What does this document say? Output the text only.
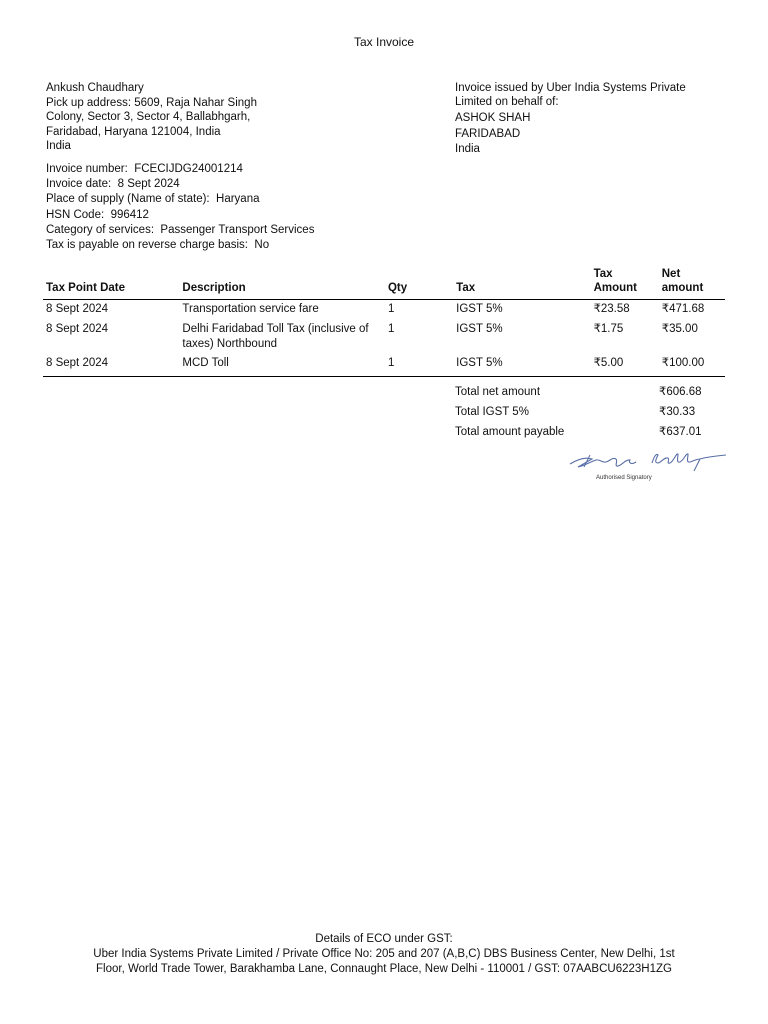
Tax Invoice
Ankush Chaudhary
Pick up address: 5609, Raja Nahar Singh
Colony, Sector 3, Sector 4, Ballabhgarh,
Faridabad, Haryana 121004, India
India
Invoice issued by Uber India Systems Private
Limited on behalf of:
ASHOK SHAH
FARIDABAD
India
Invoice number: FCECIJDG24001214
Invoice date: 8 Sept 2024
Place of supply (Name of state): Haryana
HSN Code: 996412
Category of services: Passenger Transport Services
Tax is payable on reverse charge basis: No
Tax Point Date	Description	Qty	Tax	Tax Amount	Net amount
8 Sept 2024	Transportation service fare	1	IGST 5%	₹23.58	₹471.68
8 Sept 2024	Delhi Faridabad Toll Tax (inclusive of taxes) Northbound	1	IGST 5%	₹1.75	₹35.00
8 Sept 2024	MCD Toll	1	IGST 5%	₹5.00	₹100.00
Total net amount	₹606.68
Total IGST 5%	₹30.33
Total amount payable	₹637.01
Authorised Signatory
Details of ECO under GST:
Uber India Systems Private Limited / Private Office No: 205 and 207 (A,B,C) DBS Business Center, New Delhi, 1st
Floor, World Trade Tower, Barakhamba Lane, Connaught Place, New Delhi - 110001 / GST: 07AABCU6223H1ZG
